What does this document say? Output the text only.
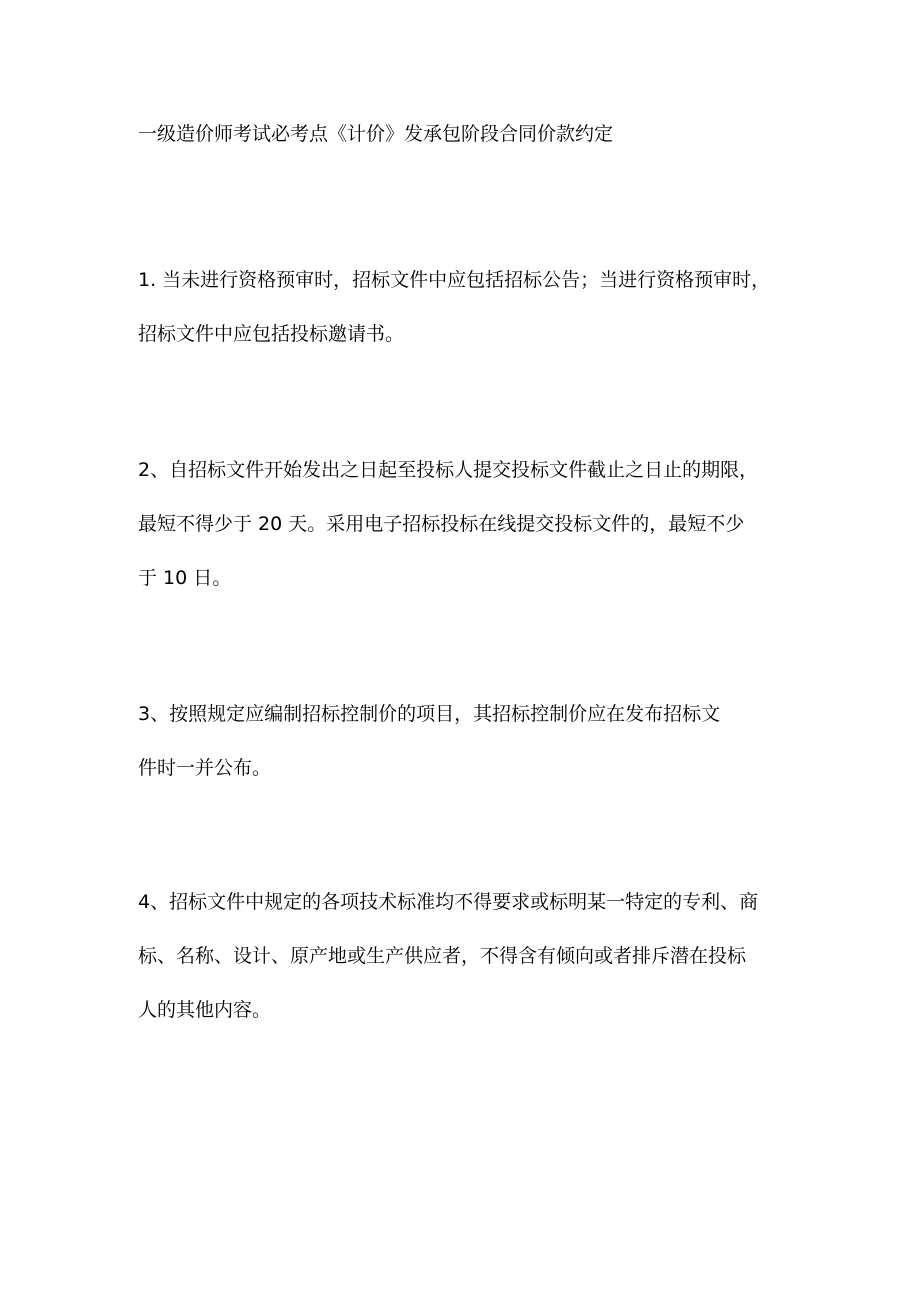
一级造价师考试必考点《计价》发承包阶段合同价款约定
1. 当未进行资格预审时，招标文件中应包括招标公告；当进行资格预审时，
招标文件中应包括投标邀请书。
2、自招标文件开始发出之日起至投标人提交投标文件截止之日止的期限，
最短不得少于 20 天。采用电子招标投标在线提交投标文件的，最短不少
于 10 日。
3、按照规定应编制招标控制价的项目，其招标控制价应在发布招标文
件时一并公布。
4、招标文件中规定的各项技术标准均不得要求或标明某一特定的专利、商
标、名称、设计、原产地或生产供应者，不得含有倾向或者排斥潜在投标
人的其他内容。
